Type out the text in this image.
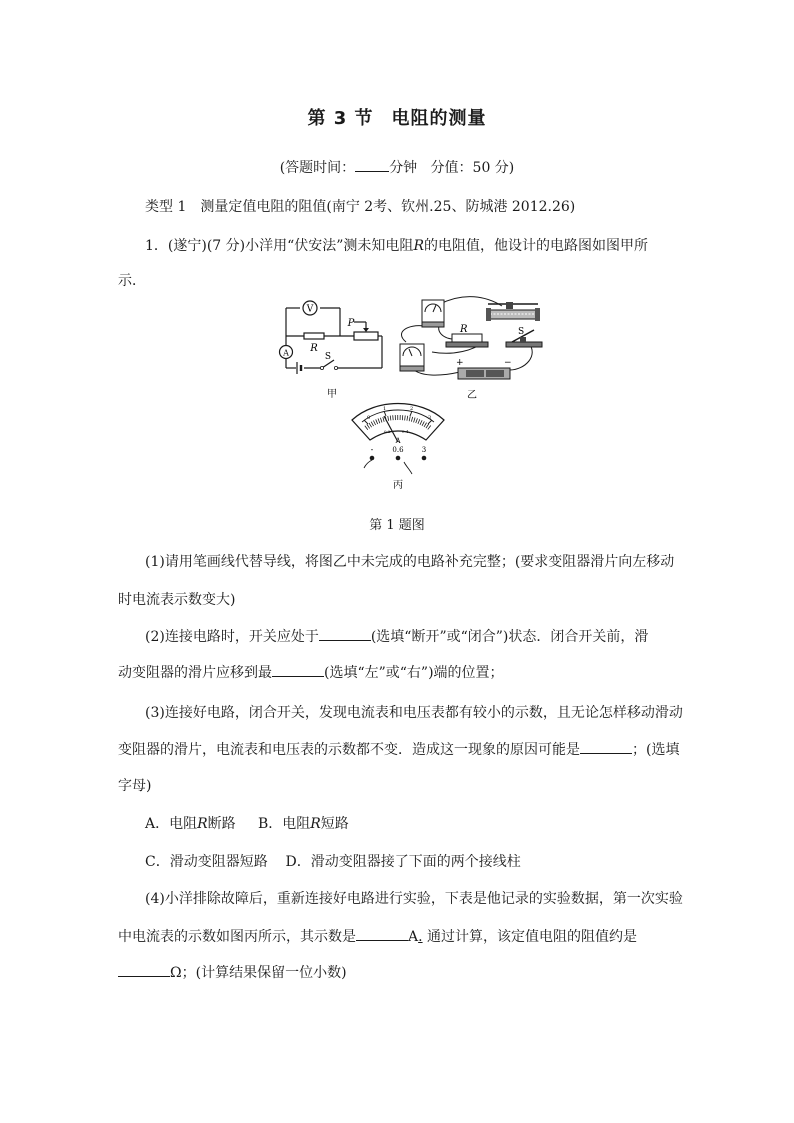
第 3 节 电阻的测量
(答题时间： 分钟 分值：50 分)
类型 1　测量定值电阻的阻值(南宁 2考、钦州.25、防城港 2012.26)
1．(遂宁)(7 分)小洋用“伏安法”测未知电阻R的电阻值，他设计的电路图如图甲所
示．
V
A R
P
S
甲
R	S
+	−
乙
0
1	2
3
0.2	0.4
A
-	0.6	3
丙
第 1 题图
(1)请用笔画线代替导线，将图乙中未完成的电路补充完整；(要求变阻器滑片向左移动
时电流表示数变大)
(2)连接电路时，开关应处于	(选填“断开”或“闭合”)状态．闭合开关前，滑
动变阻器的滑片应移到最	(选填“左”或“右”)端的位置；
(3)连接好电路，闭合开关，发现电流表和电压表都有较小的示数，且无论怎样移动滑动
变阻器的滑片，电流表和电压表的示数都不变．造成这一现象的原因可能是	；(选填
字母)
A．电阻R断路 B．电阻R短路
C．滑动变阻器短路 D．滑动变阻器接了下面的两个接线柱
(4)小洋排除故障后，重新连接好电路进行实验，下表是他记录的实验数据，第一次实验
中电流表的示数如图丙所示，其示数是	A. 通过计算，该定值电阻的阻值约是
Ω；(计算结果保留一位小数)
